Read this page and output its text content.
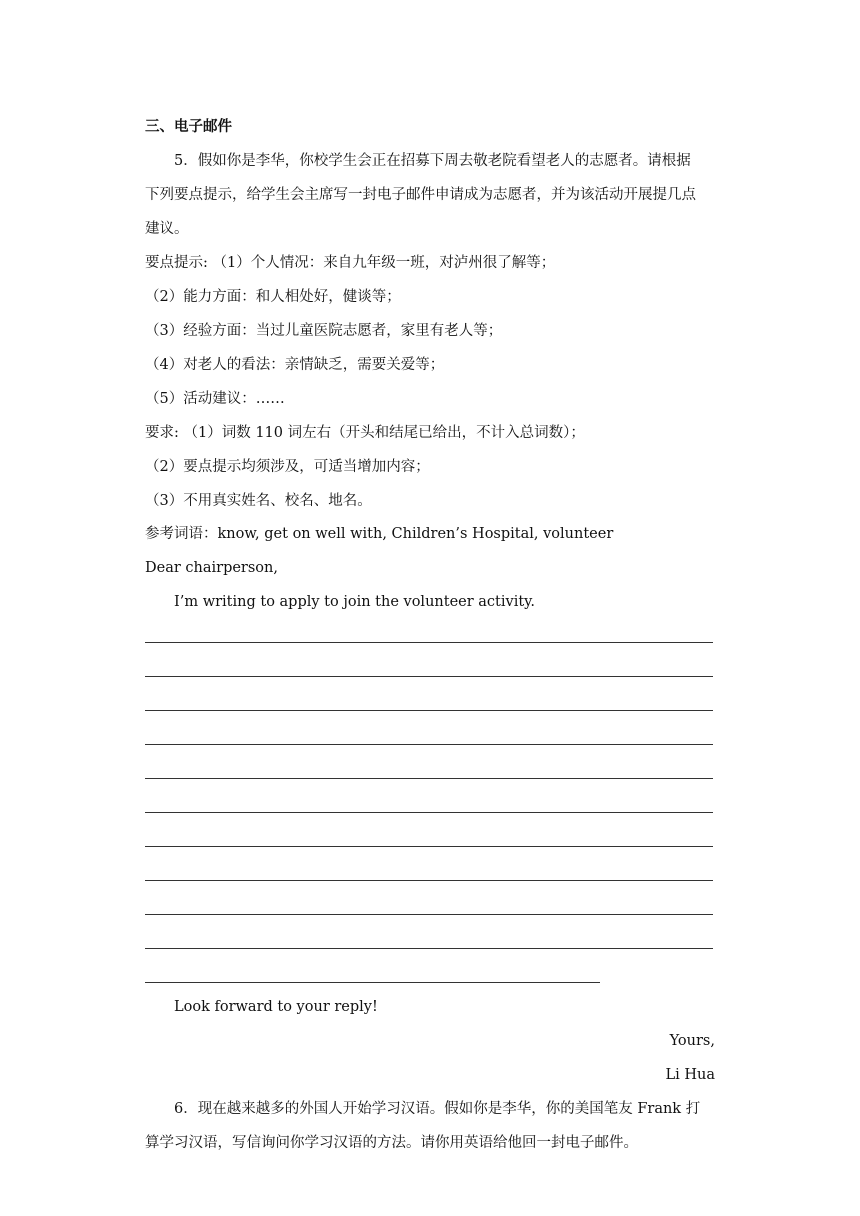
三、电子邮件
5．假如你是李华，你校学生会正在招募下周去敬老院看望老人的志愿者。请根据
下列要点提示，给学生会主席写一封电子邮件申请成为志愿者，并为该活动开展提几点
建议。
要点提示: （1）个人情况：来自九年级一班，对泸州很了解等；
（2）能力方面：和人相处好，健谈等；
（3）经验方面：当过儿童医院志愿者，家里有老人等；
（4）对老人的看法：亲情缺乏，需要关爱等；
（5）活动建议：……
要求: （1）词数 110 词左右（开头和结尾已给出，不计入总词数）；
（2）要点提示均须涉及，可适当增加内容；
（3）不用真实姓名、校名、地名。
参考词语：know, get on well with, Children’s Hospital, volunteer
Dear chairperson,
I’m writing to apply to join the volunteer activity.
Look forward to your reply!
Yours,
Li Hua
6．现在越来越多的外国人开始学习汉语。假如你是李华，你的美国笔友 Frank 打
算学习汉语，写信询问你学习汉语的方法。请你用英语给他回一封电子邮件。
